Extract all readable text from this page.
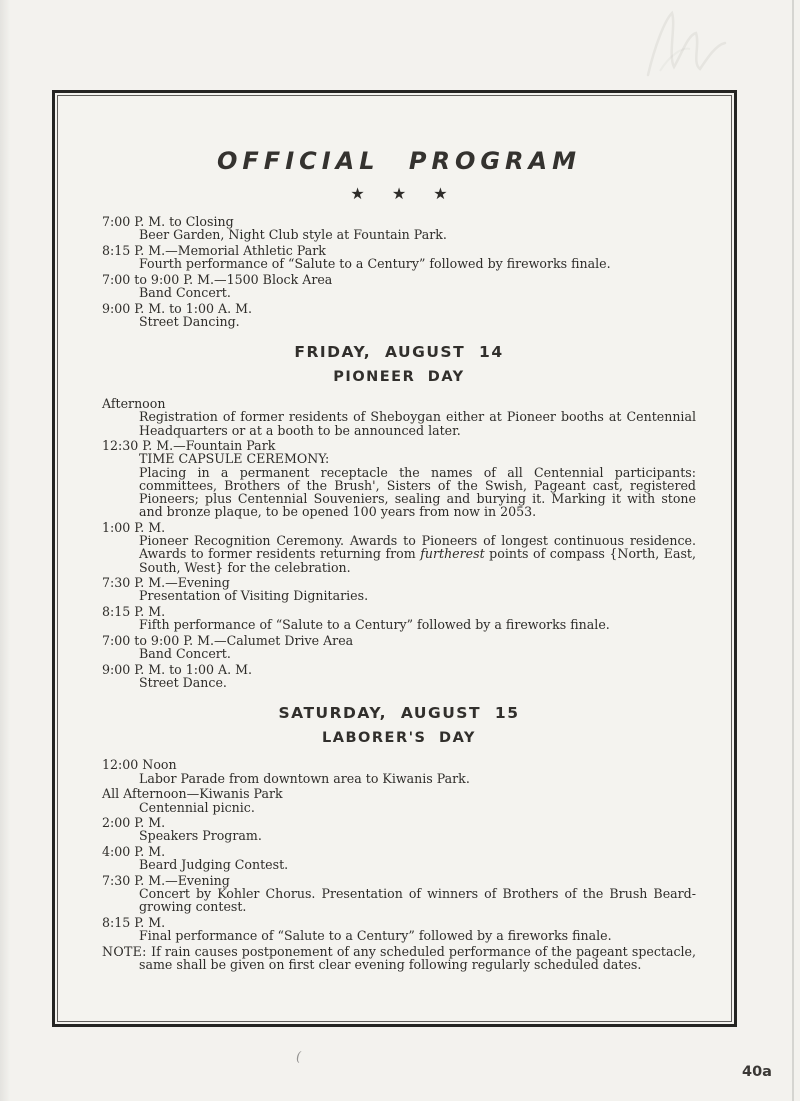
OFFICIAL PROGRAM
★ ★ ★
7:00 P. M. to Closing
Beer Garden, Night Club style at Fountain Park.
8:15 P. M.—Memorial Athletic Park
Fourth performance of “Salute to a Century” followed by fireworks finale.
7:00 to 9:00 P. M.—1500 Block Area
Band Concert.
9:00 P. M. to 1:00 A. M.
Street Dancing.
FRIDAY, AUGUST 14
PIONEER DAY
Afternoon
Registration of former residents of Sheboygan either at Pioneer booths at Centennial Headquarters or at a booth to be announced later.
12:30 P. M.—Fountain Park
TIME CAPSULE CEREMONY:
Placing in a permanent receptacle the names of all Centennial participants: committees, Brothers of the Brush', Sisters of the Swish, Pageant cast, registered Pioneers; plus Centennial Souveniers, sealing and burying it. Marking it with stone and bronze plaque, to be opened 100 years from now in 2053.
1:00 P. M.
Pioneer Recognition Ceremony. Awards to Pioneers of longest continuous residence. Awards to former residents returning from furtherest points of compass {North, East, South, West} for the celebration.
7:30 P. M.—Evening
Presentation of Visiting Dignitaries.
8:15 P. M.
Fifth performance of “Salute to a Century” followed by a fireworks finale.
7:00 to 9:00 P. M.—Calumet Drive Area
Band Concert.
9:00 P. M. to 1:00 A. M.
Street Dance.
SATURDAY, AUGUST 15
LABORER'S DAY
12:00 Noon
Labor Parade from downtown area to Kiwanis Park.
All Afternoon—Kiwanis Park
Centennial picnic.
2:00 P. M.
Speakers Program.
4:00 P. M.
Beard Judging Contest.
7:30 P. M.—Evening
Concert by Kohler Chorus. Presentation of winners of Brothers of the Brush Beard-growing contest.
8:15 P. M.
Final performance of “Salute to a Century” followed by a fireworks finale.
NOTE: If rain causes postponement of any scheduled performance of the pageant spectacle, same shall be given on first clear evening following regularly scheduled dates.
(
40a
